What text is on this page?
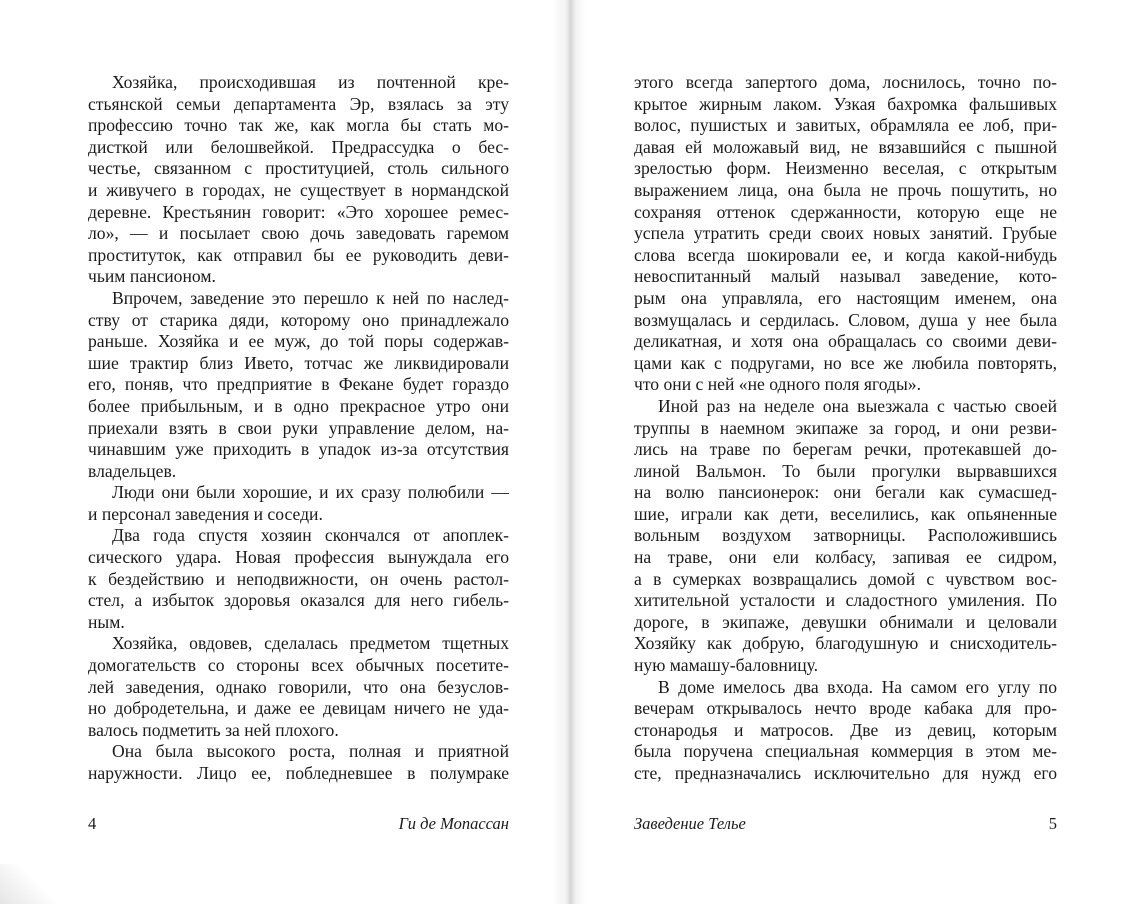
Хозяйка, происходившая из почтенной кре-
стьянской семьи департамента Эр, взялась за эту
профессию точно так же, как могла бы стать мо-
дисткой или белошвейкой. Предрассудка о бес-
честье, связанном с проституцией, столь сильного
и живучего в городах, не существует в нормандской
деревне. Крестьянин говорит: «Это хорошее ремес-
ло», — и посылает свою дочь заведовать гаремом
проституток, как отправил бы ее руководить деви-
чьим пансионом.
Впрочем, заведение это перешло к ней по наслед-
ству от старика дяди, которому оно принадлежало
раньше. Хозяйка и ее муж, до той поры содержав-
шие трактир близ Ивето, тотчас же ликвидировали
его, поняв, что предприятие в Фекане будет гораздо
более прибыльным, и в одно прекрасное утро они
приехали взять в свои руки управление делом, на-
чинавшим уже приходить в упадок из-за отсутствия
владельцев.
Люди они были хорошие, и их сразу полюбили —
и персонал заведения и соседи.
Два года спустя хозяин скончался от апоплек-
сического удара. Новая профессия вынуждала его
к бездействию и неподвижности, он очень растол-
стел, а избыток здоровья оказался для него гибель-
ным.
Хозяйка, овдовев, сделалась предметом тщетных
домогательств со стороны всех обычных посетите-
лей заведения, однако говорили, что она безуслов-
но добродетельна, и даже ее девицам ничего не уда-
валось подметить за ней плохого.
Она была высокого роста, полная и приятной
наружности. Лицо ее, побледневшее в полумраке
4	Ги де Мопассан
этого всегда запертого дома, лоснилось, точно по-
крытое жирным лаком. Узкая бахромка фальшивых
волос, пушистых и завитых, обрамляла ее лоб, при-
давая ей моложавый вид, не вязавшийся с пышной
зрелостью форм. Неизменно веселая, с открытым
выражением лица, она была не прочь пошутить, но
сохраняя оттенок сдержанности, которую еще не
успела утратить среди своих новых занятий. Грубые
слова всегда шокировали ее, и когда какой-нибудь
невоспитанный малый называл заведение, кото-
рым она управляла, его настоящим именем, она
возмущалась и сердилась. Словом, душа у нее была
деликатная, и хотя она обращалась со своими деви-
цами как с подругами, но все же любила повторять,
что они с ней «не одного поля ягоды».
Иной раз на неделе она выезжала с частью своей
труппы в наемном экипаже за город, и они резви-
лись на траве по берегам речки, протекавшей до-
линой Вальмон. То были прогулки вырвавшихся
на волю пансионерок: они бегали как сумасшед-
шие, играли как дети, веселились, как опьяненные
вольным воздухом затворницы. Расположившись
на траве, они ели колбасу, запивая ее сидром,
а в сумерках возвращались домой с чувством вос-
хитительной усталости и сладостного умиления. По
дороге, в экипаже, девушки обнимали и целовали
Хозяйку как добрую, благодушную и снисходитель-
ную мамашу-баловницу.
В доме имелось два входа. На самом его углу по
вечерам открывалось нечто вроде кабака для про-
стонародья и матросов. Две из девиц, которым
была поручена специальная коммерция в этом ме-
сте, предназначались исключительно для нужд его
Заведение Телье	5
